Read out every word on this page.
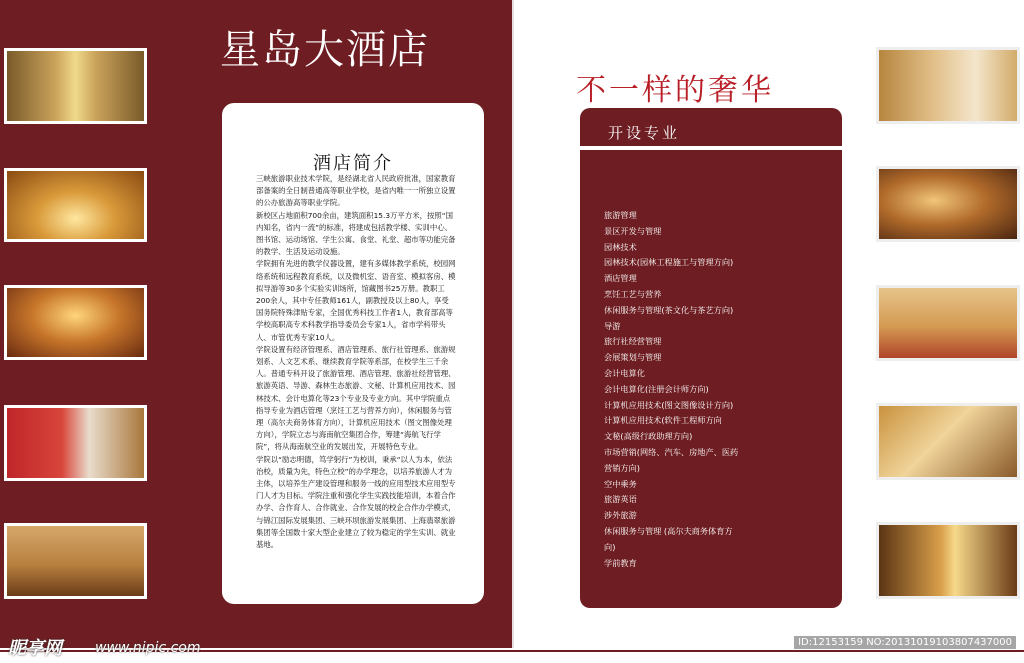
星岛大酒店
酒店简介

三峡旅游职业技术学院，是经湖北省人民政府批准，国家教育部备案的全日制普通高等职业学校，是省内唯一一所独立设置的公办旅游高等职业学院。

新校区占地面积700余亩，建筑面积15.3万平方米，按照“国内知名，省内一流”的标准，将建成包括教学楼、实训中心、图书馆、运动场馆、学生公寓、食堂、礼堂、超市等功能完备的教学、生活及运动设施。

学院拥有先进的教学仪器设置，建有多媒体教学系统，校园网络系统和远程教育系统，以及微机室、语音室、模拟客房、模拟导游等30多个实验实训场所，馆藏图书25万册。教职工200余人，其中专任教师161人，副教授及以上80人，享受国务院特殊津贴专家，全国优秀科技工作者1人，教育部高等学校高职高专术科教学指导委员会专家1人，省市学科带头人、市管优秀专家10人。

学院设置有经济管理系、酒店管理系、旅行社管理系、旅游规划系、人文艺术系、继续教育学院等系部，在校学生三千余人。普通专科开设了旅游管理、酒店管理、旅游社经营管理、旅游英语、导游、森林生态旅游、文秘、计算机应用技术、园林技术、会计电算化等23个专业及专业方向。其中学院重点指导专业为酒店管理（烹饪工艺与营养方向），休闲服务与管理（高尔夫商务体育方向），计算机应用技术（图文图像处理方向），学院立志与海南航空集团合作，筹建“海航飞行学院”，将从海南航空业的发展出发，开展特色专业。

学院以“励志明德，笃学躬行”为校训，秉承“以人为本，依法治校，质量为先，特色立校”的办学理念，以培养旅游人才为主体，以培养生产建设管理和服务一线的应用型技术应用型专门人才为目标。学院注重和强化学生实践技能培训，本着合作办学、合作育人、合作就业、合作发展的校企合作办学模式，与锦江国际发展集团、三峡环坝旅游发展集团、上海翡翠旅游集团等全国数十家大型企业建立了较为稳定的学生实训、就业基地。

不一样的奢华
开设专业
旅游管理
景区开发与管理
园林技术
园林技术(园林工程施工与管理方向)
酒店管理
烹饪工艺与营养
休闲服务与管理(茶文化与茶艺方向)
导游
旅行社经营管理
会展策划与管理
会计电算化
会计电算化(注册会计师方向)
计算机应用技术(图文图像设计方向)
计算机应用技术(软件工程师方向
文秘(高级行政助理方向)
市场营销(网络、汽车、房地产、医药
营销方向)
空中乘务
旅游英语
涉外旅游
休闲服务与管理 (高尔夫商务体育方
向)
学前教育
昵享网 www.nipic.com	ID:12153159 NO:20131019103807437000
